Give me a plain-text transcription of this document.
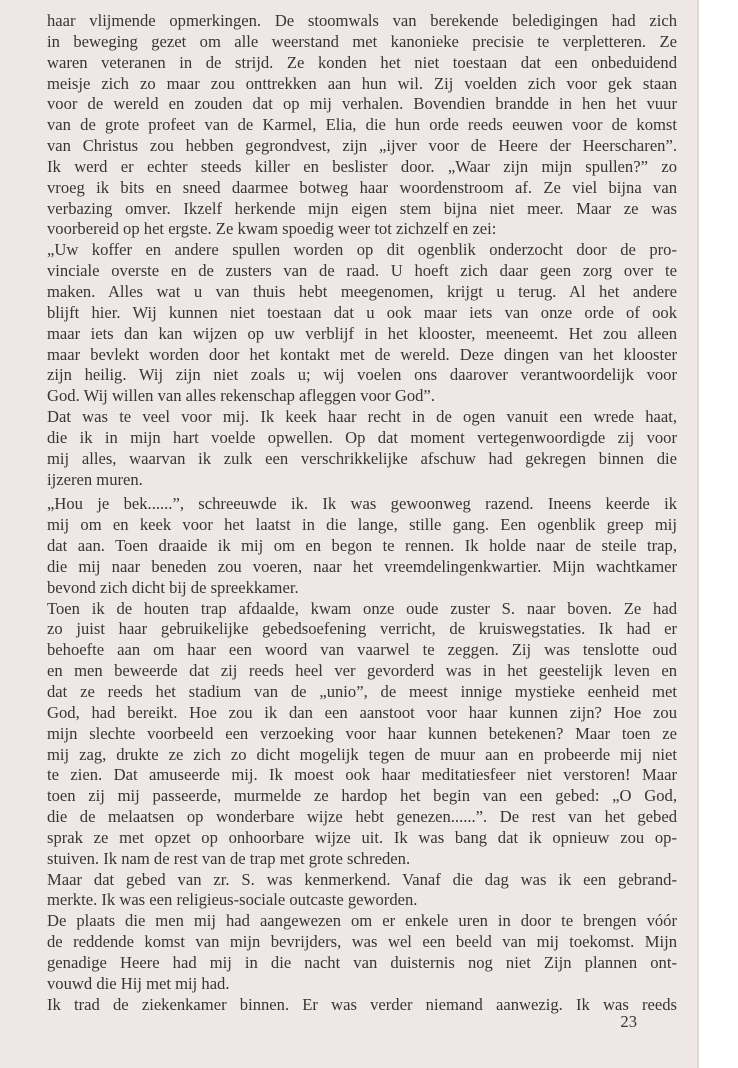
haar vlijmende opmerkingen. De stoomwals van berekende beledigingen had zich
in beweging gezet om alle weerstand met kanonieke precisie te verpletteren. Ze
waren veteranen in de strijd. Ze konden het niet toestaan dat een onbeduidend
meisje zich zo maar zou onttrekken aan hun wil. Zij voelden zich voor gek staan
voor de wereld en zouden dat op mij verhalen. Bovendien brandde in hen het vuur
van de grote profeet van de Karmel, Elia, die hun orde reeds eeuwen voor de komst
van Christus zou hebben gegrondvest, zijn „ijver voor de Heere der Heerscharen”.
Ik werd er echter steeds killer en beslister door. „Waar zijn mijn spullen?” zo
vroeg ik bits en sneed daarmee botweg haar woordenstroom af. Ze viel bijna van
verbazing omver. Ikzelf herkende mijn eigen stem bijna niet meer. Maar ze was
voorbereid op het ergste. Ze kwam spoedig weer tot zichzelf en zei:
„Uw koffer en andere spullen worden op dit ogenblik onderzocht door de pro-
vinciale overste en de zusters van de raad. U hoeft zich daar geen zorg over te
maken. Alles wat u van thuis hebt meegenomen, krijgt u terug. Al het andere
blijft hier. Wij kunnen niet toestaan dat u ook maar iets van onze orde of ook
maar iets dan kan wijzen op uw verblijf in het klooster, meeneemt. Het zou alleen
maar bevlekt worden door het kontakt met de wereld. Deze dingen van het klooster
zijn heilig. Wij zijn niet zoals u; wij voelen ons daarover verantwoordelijk voor
God. Wij willen van alles rekenschap afleggen voor God”.
Dat was te veel voor mij. Ik keek haar recht in de ogen vanuit een wrede haat,
die ik in mijn hart voelde opwellen. Op dat moment vertegenwoordigde zij voor
mij alles, waarvan ik zulk een verschrikkelijke afschuw had gekregen binnen die
ijzeren muren.
„Hou je bek......”, schreeuwde ik. Ik was gewoonweg razend. Ineens keerde ik
mij om en keek voor het laatst in die lange, stille gang. Een ogenblik greep mij
dat aan. Toen draaide ik mij om en begon te rennen. Ik holde naar de steile trap,
die mij naar beneden zou voeren, naar het vreemdelingenkwartier. Mijn wachtkamer
bevond zich dicht bij de spreekkamer.
Toen ik de houten trap afdaalde, kwam onze oude zuster S. naar boven. Ze had
zo juist haar gebruikelijke gebedsoefening verricht, de kruiswegstaties. Ik had er
behoefte aan om haar een woord van vaarwel te zeggen. Zij was tenslotte oud
en men beweerde dat zij reeds heel ver gevorderd was in het geestelijk leven en
dat ze reeds het stadium van de „unio”, de meest innige mystieke eenheid met
God, had bereikt. Hoe zou ik dan een aanstoot voor haar kunnen zijn? Hoe zou
mijn slechte voorbeeld een verzoeking voor haar kunnen betekenen? Maar toen ze
mij zag, drukte ze zich zo dicht mogelijk tegen de muur aan en probeerde mij niet
te zien. Dat amuseerde mij. Ik moest ook haar meditatiesfeer niet verstoren! Maar
toen zij mij passeerde, murmelde ze hardop het begin van een gebed: „O God,
die de melaatsen op wonderbare wijze hebt genezen......”. De rest van het gebed
sprak ze met opzet op onhoorbare wijze uit. Ik was bang dat ik opnieuw zou op-
stuiven. Ik nam de rest van de trap met grote schreden.
Maar dat gebed van zr. S. was kenmerkend. Vanaf die dag was ik een gebrand-
merkte. Ik was een religieus-sociale outcaste geworden.
De plaats die men mij had aangewezen om er enkele uren in door te brengen vóór
de reddende komst van mijn bevrijders, was wel een beeld van mij toekomst. Mijn
genadige Heere had mij in die nacht van duisternis nog niet Zijn plannen ont-
vouwd die Hij met mij had.
Ik trad de ziekenkamer binnen. Er was verder niemand aanwezig. Ik was reeds
23
